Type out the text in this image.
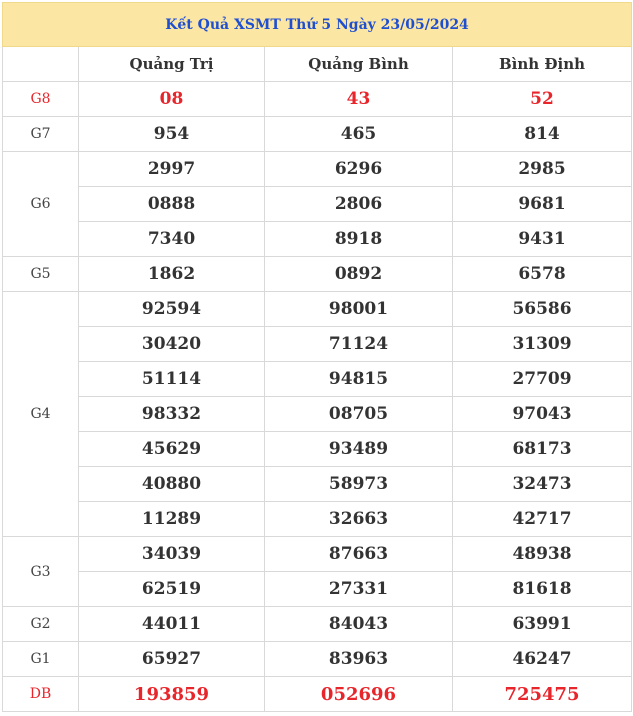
Kết Quả XSMT Thứ 5 Ngày 23/05/2024			
	Quảng Trị	Quảng Bình	Bình Định
G8	08	43	52
G7	954	465	814
G6	2997	6296	2985
	0888	2806	9681
	7340	8918	9431
G5	1862	0892	6578
G4	92594	98001	56586
	30420	71124	31309
	51114	94815	27709
	98332	08705	97043
	45629	93489	68173
	40880	58973	32473
	11289	32663	42717
G3	34039	87663	48938
	62519	27331	81618
G2	44011	84043	63991
G1	65927	83963	46247
DB	193859	052696	725475
